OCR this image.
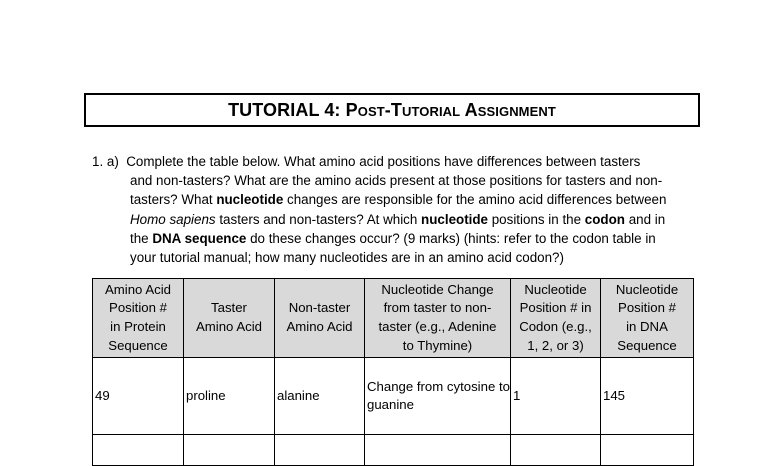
TUTORIAL 4: Post-Tutorial Assignment
1. a) Complete the table below. What amino acid positions have differences between tasters
and non-tasters? What are the amino acids present at those positions for tasters and non-
tasters? What nucleotide changes are responsible for the amino acid differences between
Homo sapiens tasters and non-tasters? At which nucleotide positions in the codon and in
the DNA sequence do these changes occur? (9 marks) (hints: refer to the codon table in
your tutorial manual; how many nucleotides are in an amino acid codon?)
Amino Acid
Position #
in Protein
Sequence	Taster
Amino Acid	Non-taster
Amino Acid	Nucleotide Change
from taster to non-
taster (e.g., Adenine
to Thymine)	Nucleotide
Position # in
Codon (e.g.,
1, 2, or 3)	Nucleotide
Position #
in DNA
Sequence
49	proline	alanine	Change from cytosine to guanine	1	145
